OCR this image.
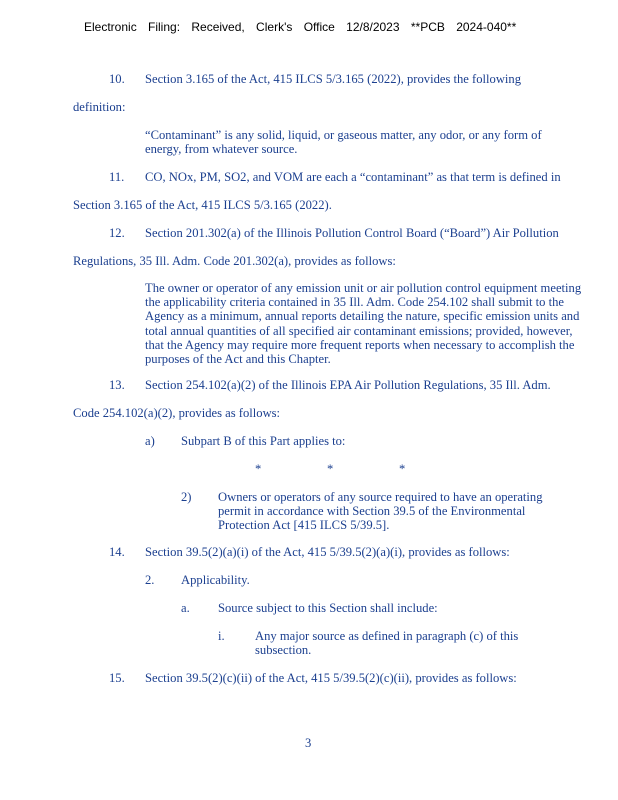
Electronic Filing: Received, Clerk's Office 12/8/2023 **PCB 2024-040**
10. Section 3.165 of the Act, 415 ILCS 5/3.165 (2022), provides the following
definition:
“Contaminant” is any solid, liquid, or gaseous matter, any odor, or any form of energy, from whatever source.
11. CO, NOx, PM, SO2, and VOM are each a “contaminant” as that term is defined in
Section 3.165 of the Act, 415 ILCS 5/3.165 (2022).
12. Section 201.302(a) of the Illinois Pollution Control Board (“Board”) Air Pollution
Regulations, 35 Ill. Adm. Code 201.302(a), provides as follows:
The owner or operator of any emission unit or air pollution control equipment meeting the applicability criteria contained in 35 Ill. Adm. Code 254.102 shall submit to the Agency as a minimum, annual reports detailing the nature, specific emission units and total annual quantities of all specified air contaminant emissions; provided, however, that the Agency may require more frequent reports when necessary to accomplish the purposes of the Act and this Chapter.
13. Section 254.102(a)(2) of the Illinois EPA Air Pollution Regulations, 35 Ill. Adm.
Code 254.102(a)(2), provides as follows:
a) Subpart B of this Part applies to:
*	*	*
2) Owners or operators of any source required to have an operating permit in accordance with Section 39.5 of the Environmental Protection Act [415 ILCS 5/39.5].
14. Section 39.5(2)(a)(i) of the Act, 415 5/39.5(2)(a)(i), provides as follows:
2. Applicability.
a. Source subject to this Section shall include:
i. Any major source as defined in paragraph (c) of this subsection.
15. Section 39.5(2)(c)(ii) of the Act, 415 5/39.5(2)(c)(ii), provides as follows:
3
